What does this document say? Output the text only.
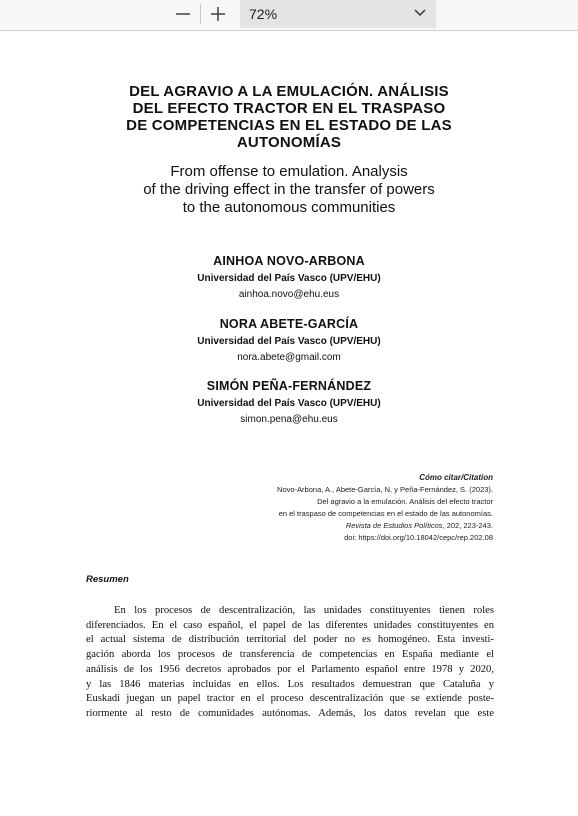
72%
DEL AGRAVIO A LA EMULACIÓN. ANÁLISIS
DEL EFECTO TRACTOR EN EL TRASPASO
DE COMPETENCIAS EN EL ESTADO DE LAS
AUTONOMÍAS
From offense to emulation. Analysis
of the driving effect in the transfer of powers
to the autonomous communities
AINHOA NOVO-ARBONA
Universidad del País Vasco (UPV/EHU)
ainhoa.novo@ehu.eus
NORA ABETE-GARCÍA
Universidad del País Vasco (UPV/EHU)
nora.abete@gmail.com
SIMÓN PEÑA-FERNÁNDEZ
Universidad del País Vasco (UPV/EHU)
simon.pena@ehu.eus
Cómo citar/Citation
Novo-Arbona, A., Abete-García, N. y Peña-Fernández, S. (2023).
Del agravio a la emulación. Análisis del efecto tractor
en el traspaso de competencias en el estado de las autonomías.
Revista de Estudios Políticos, 202, 223-243.
doi: https://doi.org/10.18042/cepc/rep.202.08
Resumen
En los procesos de descentralización, las unidades constituyentes tienen roles
diferenciados. En el caso español, el papel de las diferentes unidades constituyentes en
el actual sistema de distribución territorial del poder no es homogéneo. Esta investi-
gación aborda los procesos de transferencia de competencias en España mediante el
análisis de los 1956 decretos aprobados por el Parlamento español entre 1978 y 2020,
y las 1846 materias incluidas en ellos. Los resultados demuestran que Cataluña y
Euskadi juegan un papel tractor en el proceso descentralización que se extiende poste-
riormente al resto de comunidades autónomas. Además, los datos revelan que este
